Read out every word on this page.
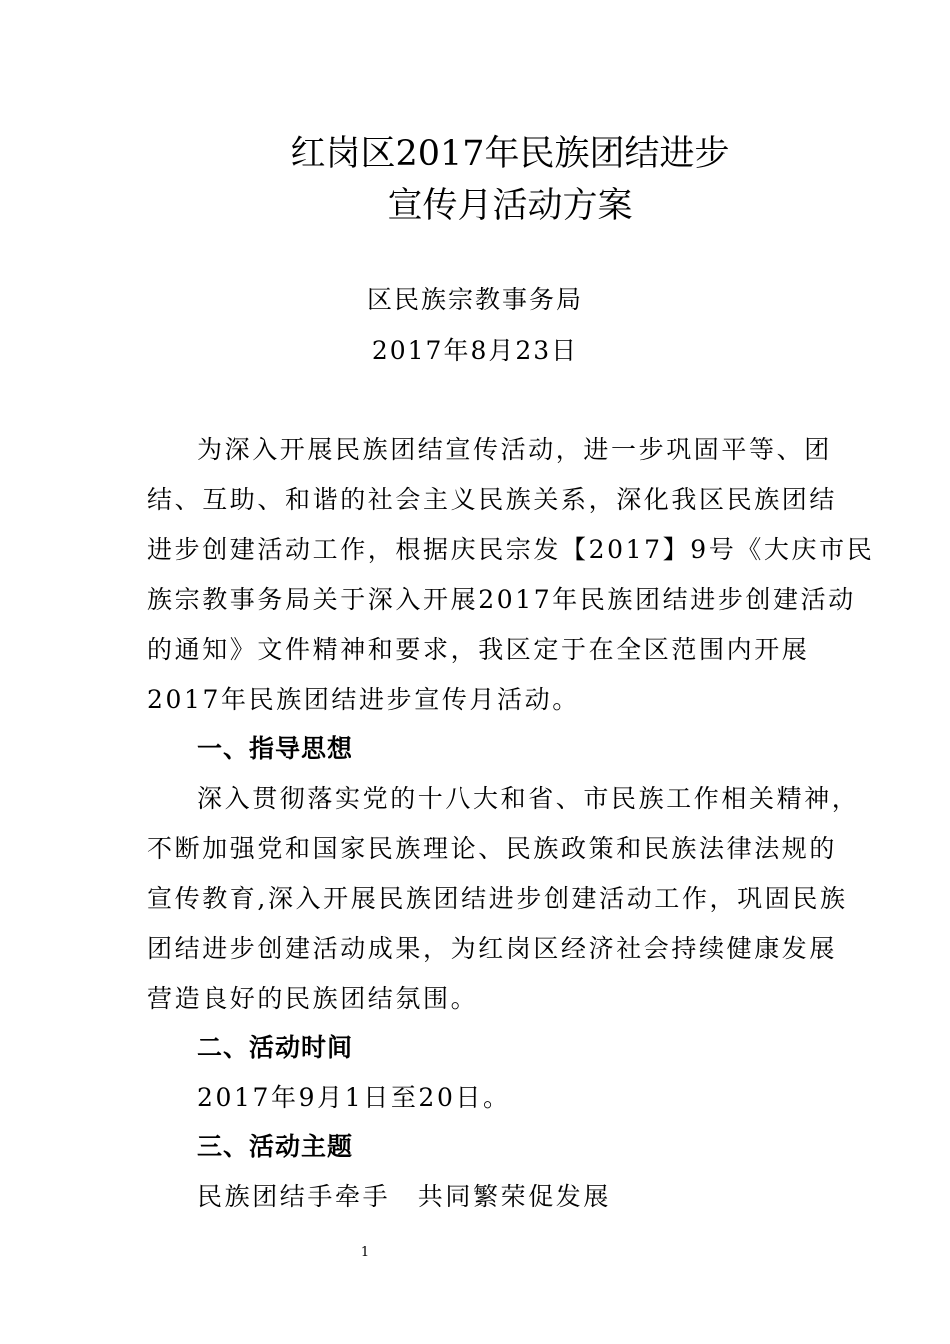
红岗区2017年民族团结进步
宣传月活动方案
区民族宗教事务局
2017年8月23日
为深入开展民族团结宣传活动，进一步巩固平等、团
结、互助、和谐的社会主义民族关系，深化我区民族团结
进步创建活动工作，根据庆民宗发【2017】9号《大庆市民
族宗教事务局关于深入开展2017年民族团结进步创建活动
的通知》文件精神和要求，我区定于在全区范围内开展
2017年民族团结进步宣传月活动。
一、指导思想
深入贯彻落实党的十八大和省、市民族工作相关精神，
不断加强党和国家民族理论、民族政策和民族法律法规的
宣传教育,深入开展民族团结进步创建活动工作，巩固民族
团结进步创建活动成果，为红岗区经济社会持续健康发展
营造良好的民族团结氛围。
二、活动时间
2017年9月1日至20日。
三、活动主题
民族团结手牵手　共同繁荣促发展
1
